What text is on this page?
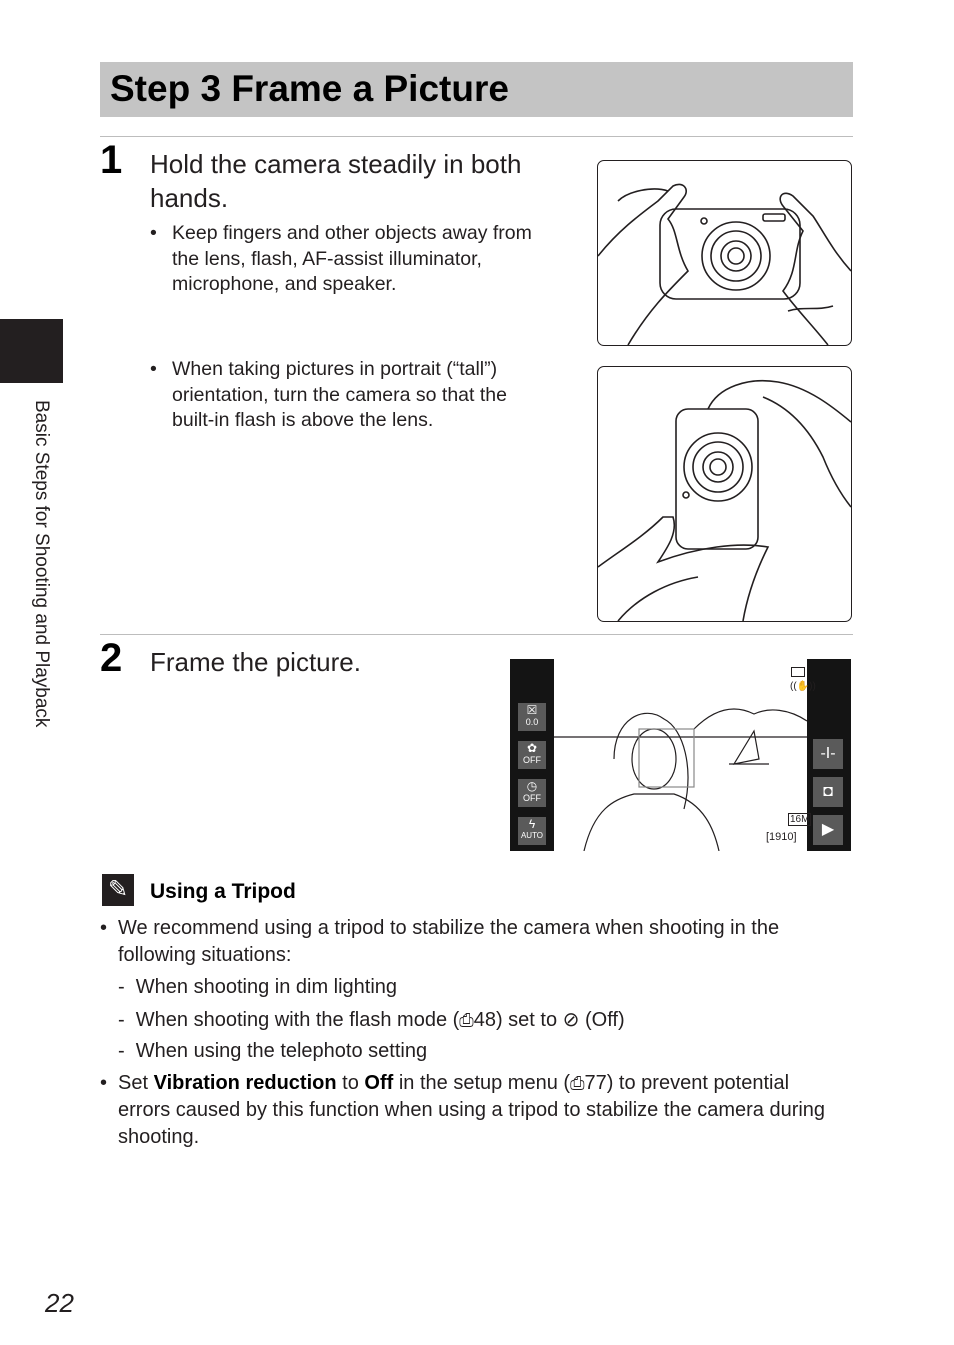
Step 3 Frame a Picture
Basic Steps for Shooting and Playback
1 Hold the camera steadily in both
hands.
• Keep fingers and other objects away from
the lens, flash, AF-assist illuminator,
microphone, and speaker.
• When taking pictures in portrait (“tall”)
orientation, turn the camera so that the
built-in flash is above the lens.
2 Frame the picture.
☒
0.0
✿
OFF
◷
OFF
ϟ
AUTO
-I-
◘
▶
((✋))
16M
[1910]
✎ Using a Tripod
• We recommend using a tripod to stabilize the camera when shooting in the
following situations:
-  When shooting in dim lighting
-  When shooting with the flash mode (⎙48) set to ⊘ (Off)
-  When using the telephoto setting
• Set Vibration reduction to Off in the setup menu (⎙77) to prevent potential
errors caused by this function when using a tripod to stabilize the camera during
shooting.
22
